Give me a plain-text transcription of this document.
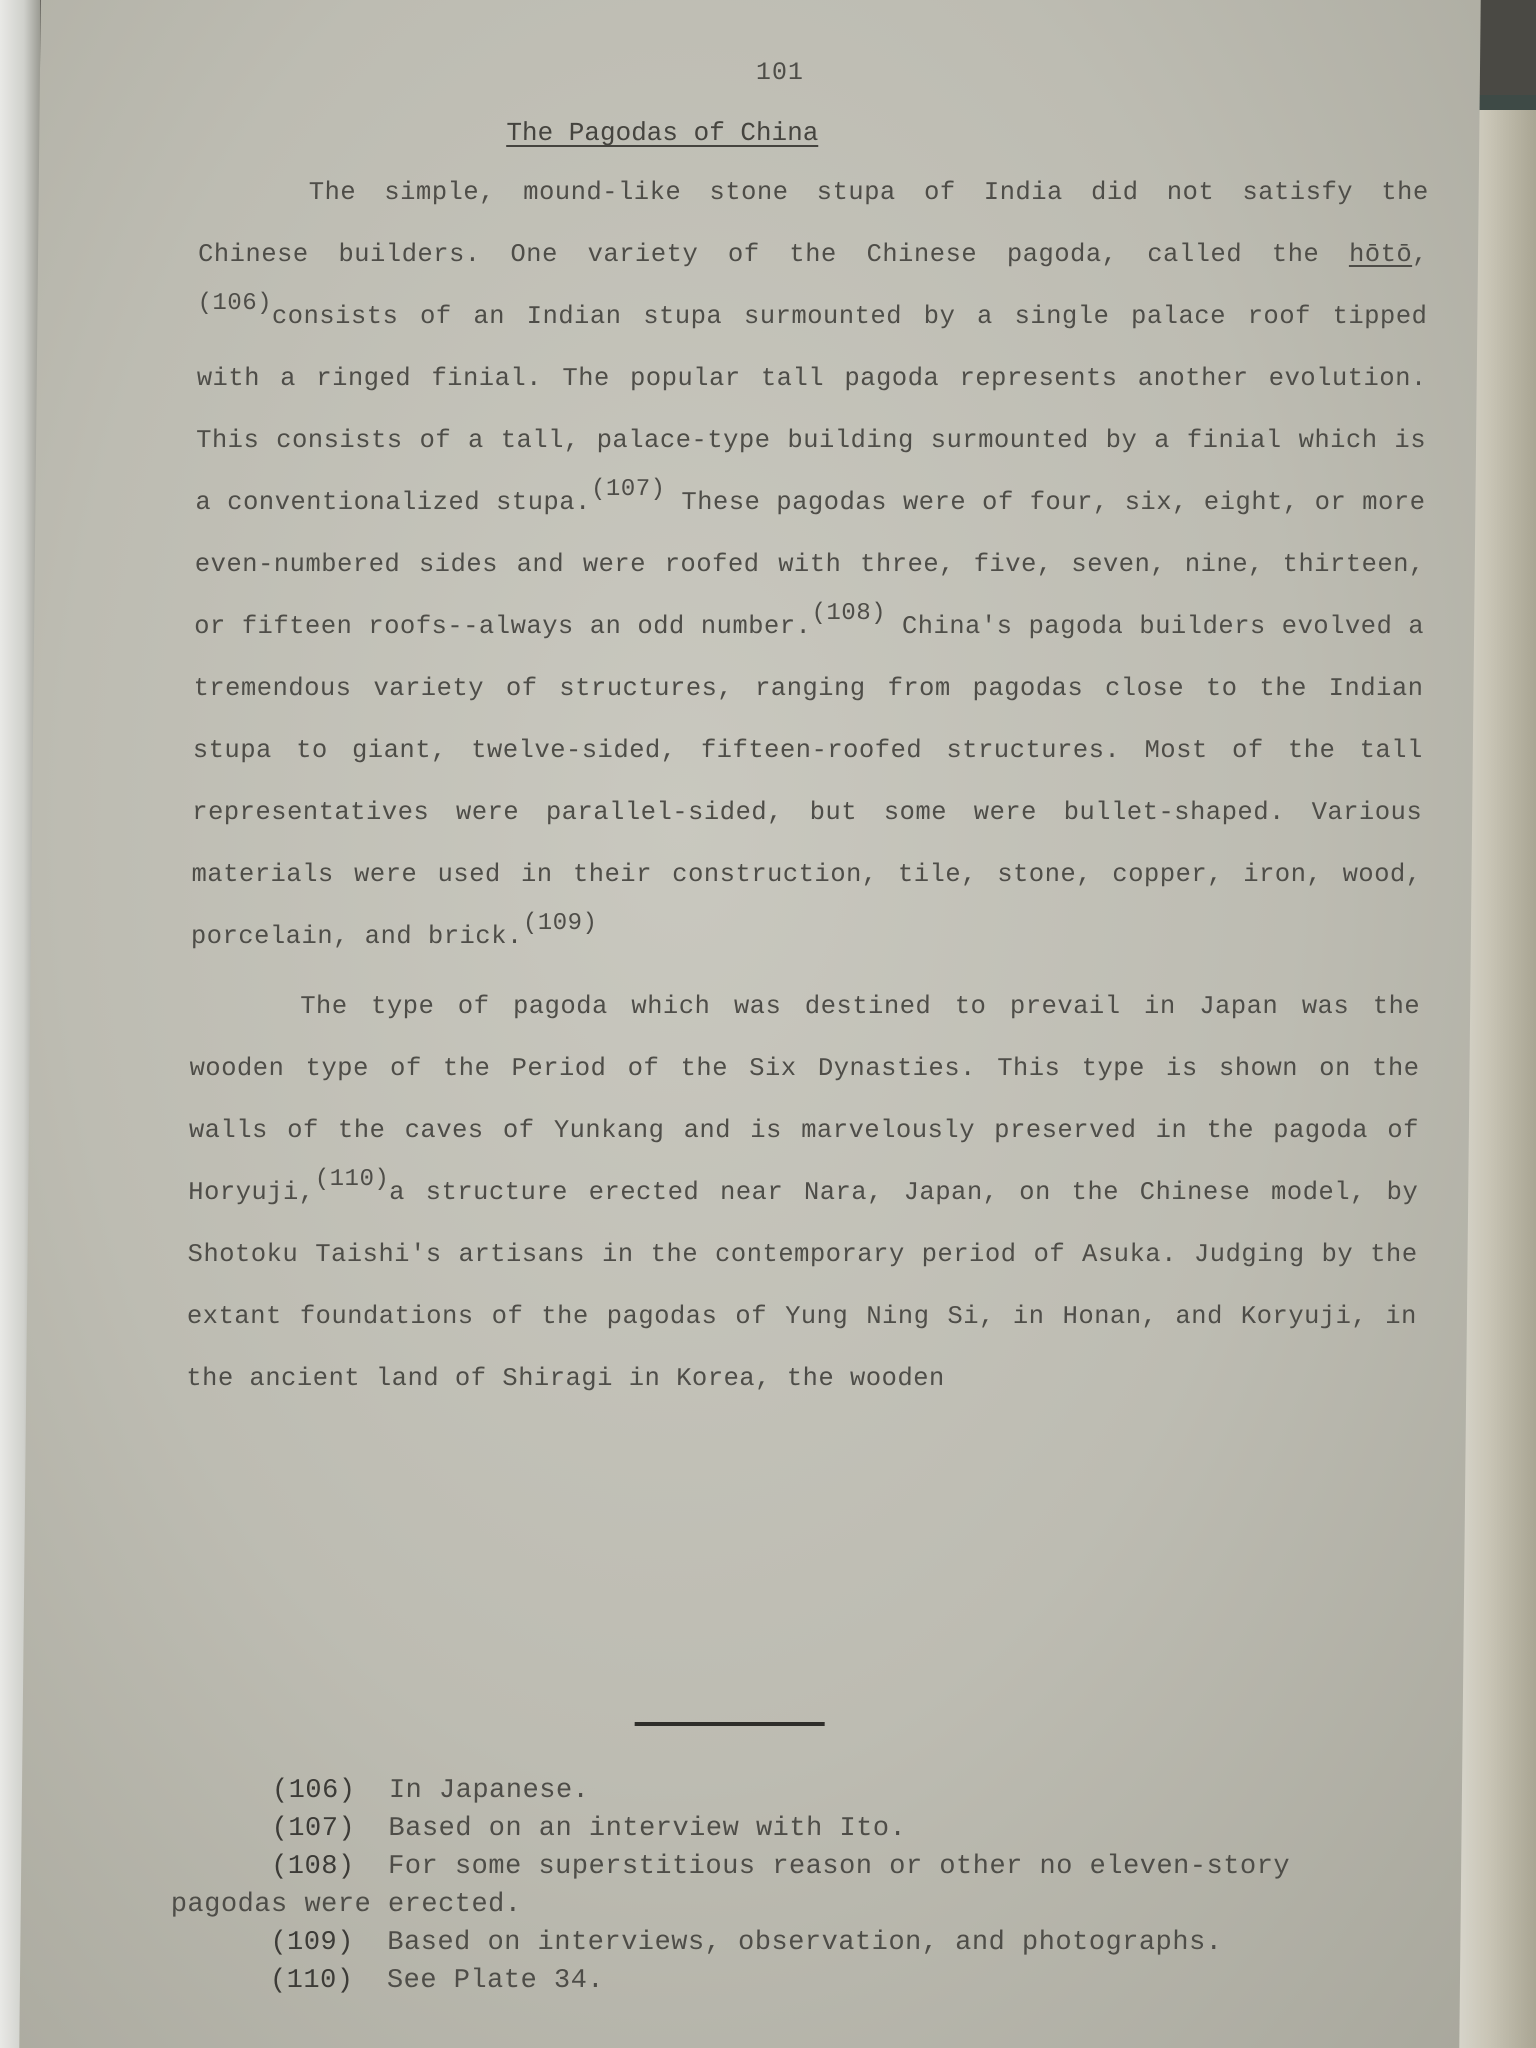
101
The Pagodas of China

The simple, mound-like stone stupa of India did not satisfy the Chinese builders. One variety of the Chinese pagoda, called the hōtō,(106)consists of an Indian stupa surmounted by a single palace roof tipped with a ringed finial. The popular tall pagoda represents another evolution. This consists of a tall, palace-type building surmounted by a finial which is a conventionalized stupa.(107) These pagodas were of four, six, eight, or more even-numbered sides and were roofed with three, five, seven, nine, thirteen, or fifteen roofs--always an odd number.(108) China's pagoda builders evolved a tremendous variety of structures, ranging from pagodas close to the Indian stupa to giant, twelve-sided, fifteen-roofed structures. Most of the tall representatives were parallel-sided, but some were bullet-shaped. Various materials were used in their construction, tile, stone, copper, iron, wood, porcelain, and brick.(109)

The type of pagoda which was destined to prevail in Japan was the wooden type of the Period of the Six Dynasties. This type is shown on the walls of the caves of Yunkang and is marvelously preserved in the pagoda of Horyuji,(110)a structure erected near Nara, Japan, on the Chinese model, by Shotoku Taishi's artisans in the contemporary period of Asuka. Judging by the extant foundations of the pagodas of Yung Ning Si, in Honan, and Koryuji, in the ancient land of Shiragi in Korea, the wooden

(106) In Japanese.

(107) Based on an interview with Ito.

(108) For some superstitious reason or other no eleven-story pagodas were erected.

(109) Based on interviews, observation, and photographs.

(110) See Plate 34.
